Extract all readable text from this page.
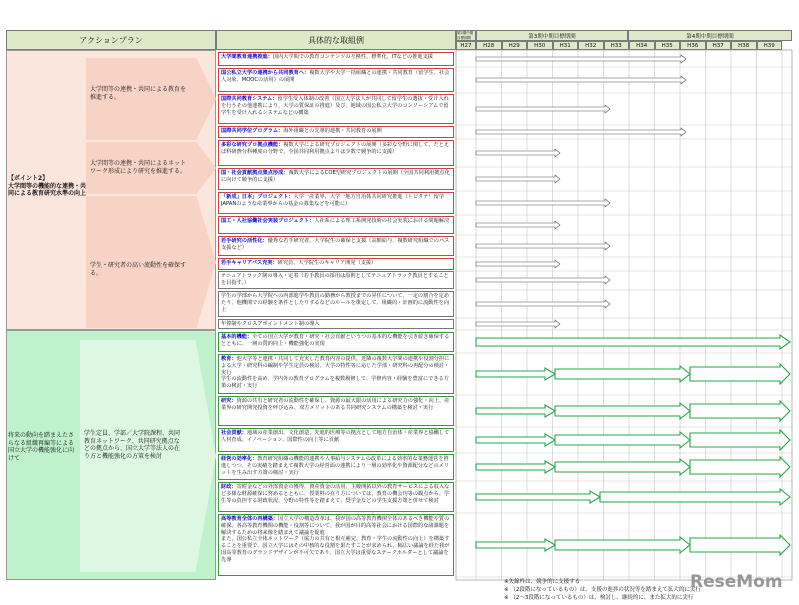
アクションプラン	具体的な取組例
第2期中期目標期間	第3期中期目標期間	第4期中期目標期間
H27	H28	H29	H30	H31	H32	H33	H34	H35	H36	H37	H38	H39
【ポイント2】
大学間等の機能的な連携・共同による教育研究水準の向上
大学間等の連携・共同による教育を推進する。
大学間等の連携・共同によるネットワーク形成により研究を推進する。
学生・研究者の高い流動性を確保する。
将来の動向を踏まえたさらなる組織再編等による国立大学の機能強化に向けて
学生定員、学部／大学院課程、共同教育ネットワーク、共同研究拠点などの拠点から、国立大学等法人の在り方と機能強化の方策を検討
大学間教育連携推進：国内大学間での教育コンテンツの互換性、標準化、ITなどの推進支援
国公私立大学の連携から共同教育へ：複数大学や大学一括組織との連携・共同教育（留学生、社会人対象、MOOCの活用）の展開
国際共同教育システム：留学生受入体制の改善（国立大学法人が共同して留学生の選抜・受け入れを行うその他連携により、大学の質保証の推進）及び、地域の国公私立大学のコンソーシアムで留学生を受け入れるシステムなどの構築
国際共同学位プログラム：海外組織との先導的連携・共同教育の展開
多彩な研究プロ拠点機能：複数大学による研究プロジェクトの展開（多彩な分野に関して、たとえば科研費分科種度の分野で、全国共同利用拠点よりは少数で競争的に支援）
国・社会貢献拠点集点形成：複数大学によるCOE型研究プロジェクトの展開（全国共同利用拠点化に向けて競争的に支援）
「新成」日本」プロジェクト：大学一産業界、大学一地方自治体共同研究推進（トビタテ！留学JAPANのような産業界からの基金の募集などを可能に）
国工・人社協働社会実装プロジェクト：人社系による理工系開発技術の社会実装における問題解決
若手研究の活性化：優秀な若手研究者、大学院生の確保と支援（高額給与、複数研究組織でのパス支援など）
若手キャリアパス充実：研究員、大学院生のキャリア開発（支援）
テニュアトラック制の導入・定着（若手教員の採用は原則としてテニュアトラック教員とすることを目指す。）
学生の学部から大学院への内部進学や教員の勤務から教授までの昇任について、一定の割合を定めたり、他機関での経験を条件としたりするなどのルールを策定して、組織的・計画的に流動性を向上
年俸制やクロスアポイントメント制の導入
基本的機能：全ての国立大学が教育・研究・社会貢献というつの基本的な機能を引き続き確保するとともに、一層の質的向上・機能強化の実現
教育：他大学等と連携・共同して充実した教育内容の提供、近隣の複数大学間の連携や役割分担による大学・研究科の編制や学生定員の検討、大学の特性等に応じた学部・研究科の再配分の検討・実行
学生の流動性を高め、学内外の教育プログラムを複数履修して、学修内容・経験を豊富にできる方策の検討・実行
研究：資源の共有と研究者の流動性を確保し、資源の最大限の活用による研究力の強化・向上、産業界の研究開発投資を呼び込み、双方メリットのある共同研究システムの構築を検討・実行
社会貢献：地域の産業創出、文化創造、先進的医療等の拠点として地方自治体・産業界と協働して人材育成、イノベーション、国際性の向上等に貢献
経営の効率化：教育研究組織の機能的連携や人事給与システムの改革による効率的な業務運営を推進しつつ、その実績を踏まえて複数大学の経営面の連携により一層の効率化や資源配分などのメリットを生み出す方策の検討・実行
財政：寄附金などの外部資金の獲得、資産資金の活用、主競開拓以外の教育サービスによる収入など多様な財源確保に努めるとともに、授業料の在り方については、教育の機会均等の観点から、学生等の負担する財政状況、分野の特性等を踏まえて、奨学金などの学生支援方策と併せて検討
高等教育全体の再構築：国立大学の構造改革は、我が国の高等教育機関全体のあるべき機能や質の確保、各高等教育機関の機能・役割等について、我が国が目的高等社会における国際的な諸課題を解決するための将来像を踏まえて議論を促進
また、国公私立全体ネットワーク（協力の共有と相互補完、教育・学生の流動性の向上）を構築することを重要で、国立大学にはその中核的な役割を果たすことが求められ、幅広い議論を経た我が国高等教育のグランドデザインが不可欠であり、国立大学は重要なステークホルダーとして議論を先導
※矢線枠は、競争的に支援する
※ （2段階になっているもの）は、支援の進捗の状況等を踏まえて拡大的に実行
※ （2〜3段階になっているもの）は、検討し、継続的に、また拡大的に実行
ReseMom
